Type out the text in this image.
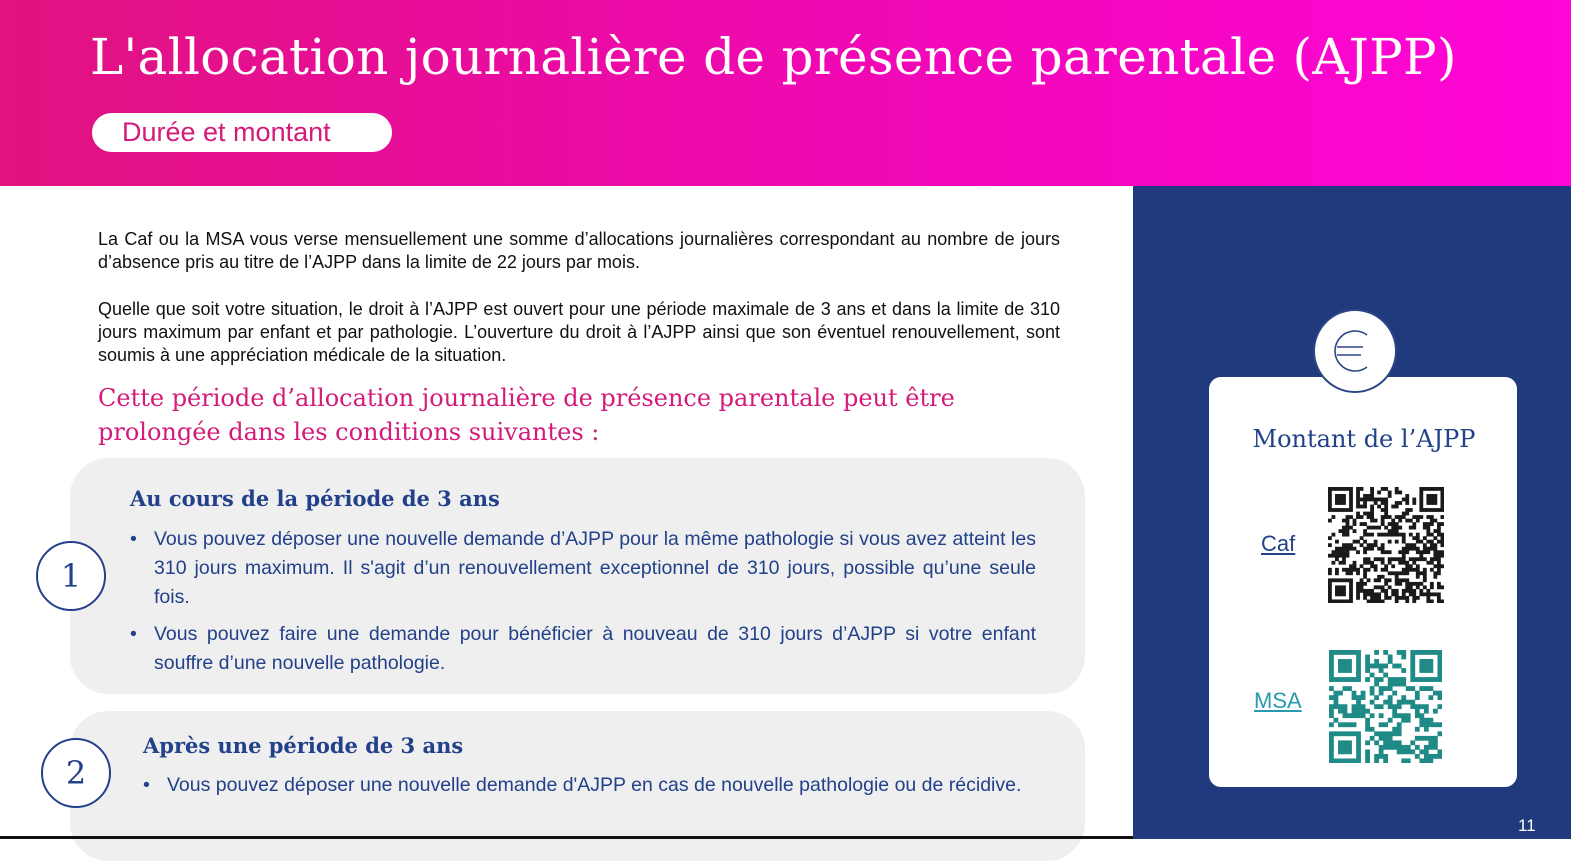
L'allocation journalière de présence parentale (AJPP)
Durée et montant

La Caf ou la MSA vous verse mensuellement une somme d’allocations journalières correspondant au nombre de jours d’absence pris au titre de l’AJPP dans la limite de 22 jours par mois.

Quelle que soit votre situation, le droit à l’AJPP est ouvert pour une période maximale de 3 ans et dans la limite de 310 jours maximum par enfant et par pathologie. L’ouverture du droit à l’AJPP ainsi que son éventuel renouvellement, sont soumis à une appréciation médicale de la situation.

Cette période d’allocation journalière de présence parentale peut être prolongée dans les conditions suivantes :

1
Au cours de la période de 3 ans

• Vous pouvez déposer une nouvelle demande d’AJPP pour la même pathologie si vous avez atteint les 310 jours maximum. Il s'agit d’un renouvellement exceptionnel de 310 jours, possible qu’une seule fois.

• Vous pouvez faire une demande pour bénéficier à nouveau de 310 jours d’AJPP si votre enfant souffre d’une nouvelle pathologie.

2
Après une période de 3 ans

• Vous pouvez déposer une nouvelle demande d'AJPP en cas de nouvelle pathologie ou de récidive.

Montant de l’AJPP
Caf
MSA
11
